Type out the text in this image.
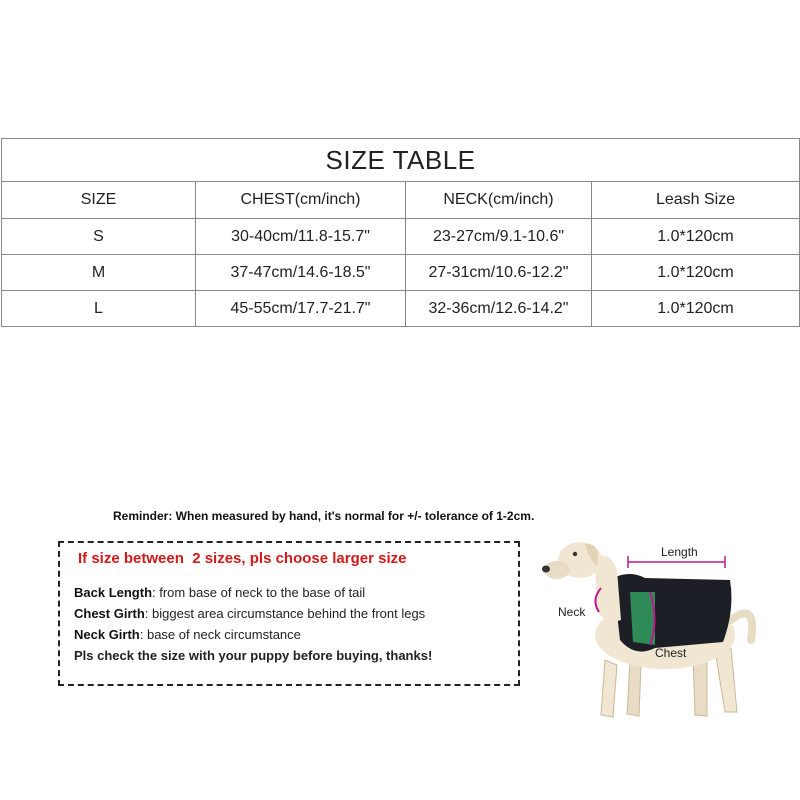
SIZE TABLE			
SIZE	CHEST(cm/inch)	NECK(cm/inch)	Leash Size
S	30-40cm/11.8-15.7"	23-27cm/9.1-10.6"	1.0*120cm
M	37-47cm/14.6-18.5"	27-31cm/10.6-12.2"	1.0*120cm
L	45-55cm/17.7-21.7"	32-36cm/12.6-14.2"	1.0*120cm
Reminder: When measured by hand, it's normal for +/- tolerance of 1-2cm.
If size between  2 sizes, pls choose larger size
Back Length: from base of neck to the base of tail
Chest Girth: biggest area circumstance behind the front legs
Neck Girth: base of neck circumstance
Pls check the size with your puppy before buying, thanks!
Length
Neck
Chest
